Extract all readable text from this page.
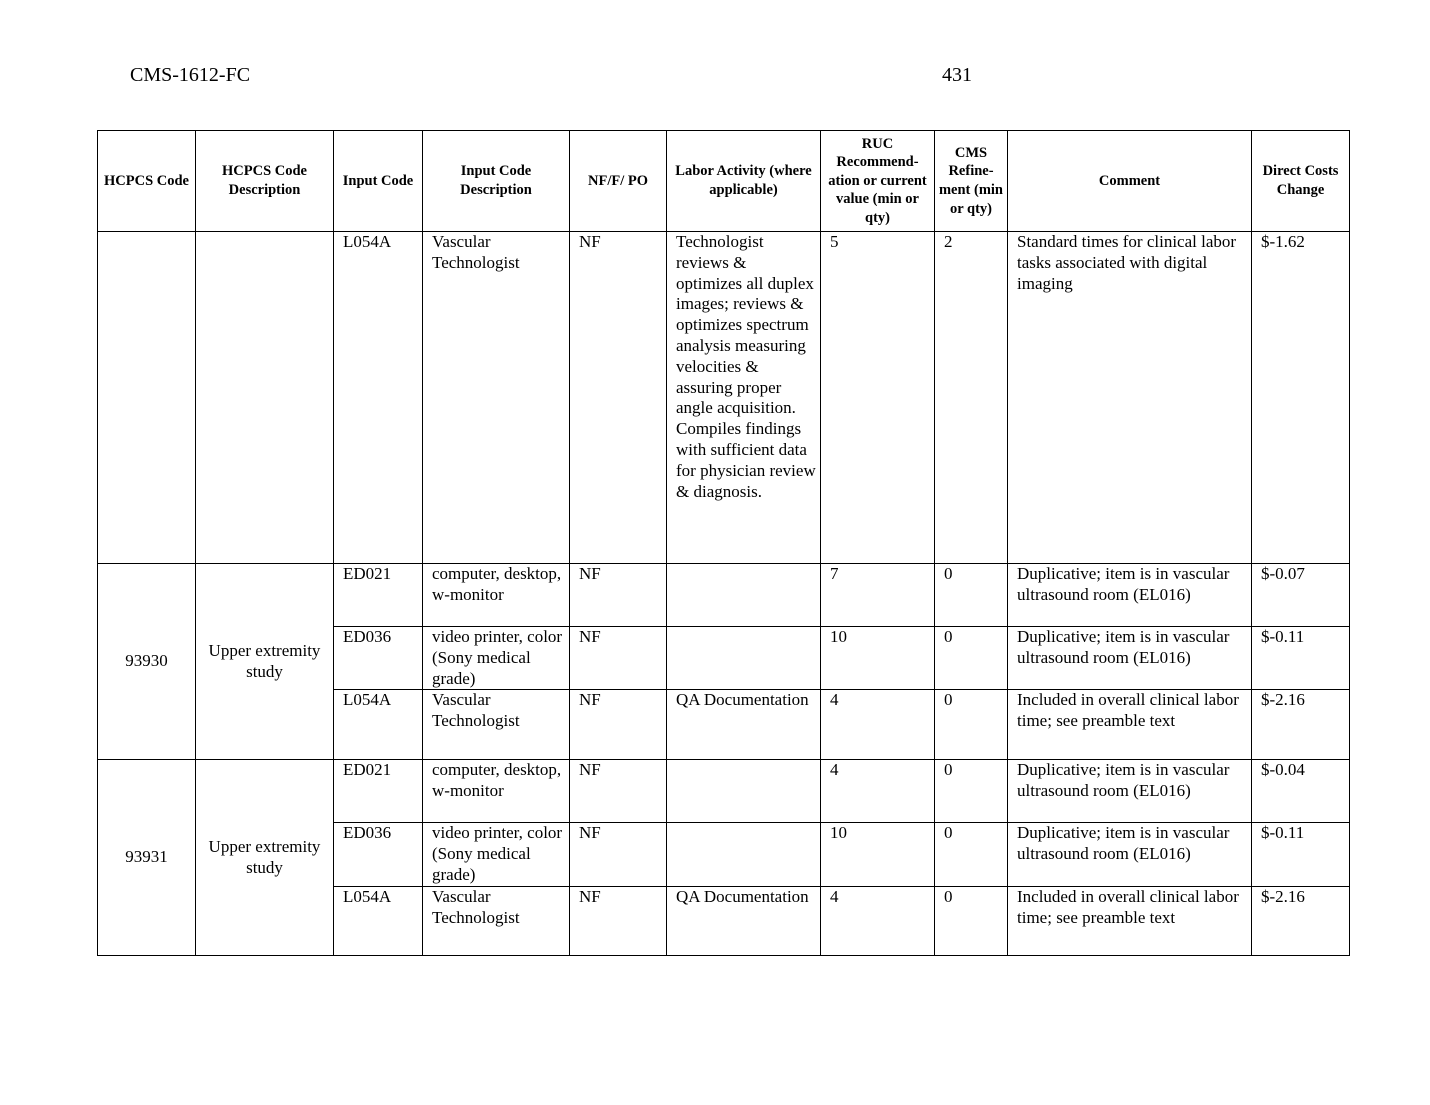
CMS-1612-FC	431
HCPCS Code	HCPCS Code Description	Input Code	Input Code Description	NF/F/ PO	Labor Activity (where applicable)	RUC Recommend-ation or current value (min or qty)	CMS Refine-ment (min or qty)	Comment	Direct Costs Change
		L054A	Vascular Technologist	NF	Technologist reviews & optimizes all duplex images; reviews & optimizes spectrum analysis measuring velocities & assuring proper angle acquisition. Compiles findings with sufficient data for physician review & diagnosis.	5	2	Standard times for clinical labor tasks associated with digital imaging	$-1.62
93930	Upper extremity study	ED021	computer, desktop, w-monitor	NF		7	0	Duplicative; item is in vascular ultrasound room (EL016)	$-0.07
		ED036	video printer, color (Sony medical grade)	NF		10	0	Duplicative; item is in vascular ultrasound room (EL016)	$-0.11
		L054A	Vascular Technologist	NF	QA Documentation	4	0	Included in overall clinical labor time; see preamble text	$-2.16
93931	Upper extremity study	ED021	computer, desktop, w-monitor	NF		4	0	Duplicative; item is in vascular ultrasound room (EL016)	$-0.04
		ED036	video printer, color (Sony medical grade)	NF		10	0	Duplicative; item is in vascular ultrasound room (EL016)	$-0.11
		L054A	Vascular Technologist	NF	QA Documentation	4	0	Included in overall clinical labor time; see preamble text	$-2.16
